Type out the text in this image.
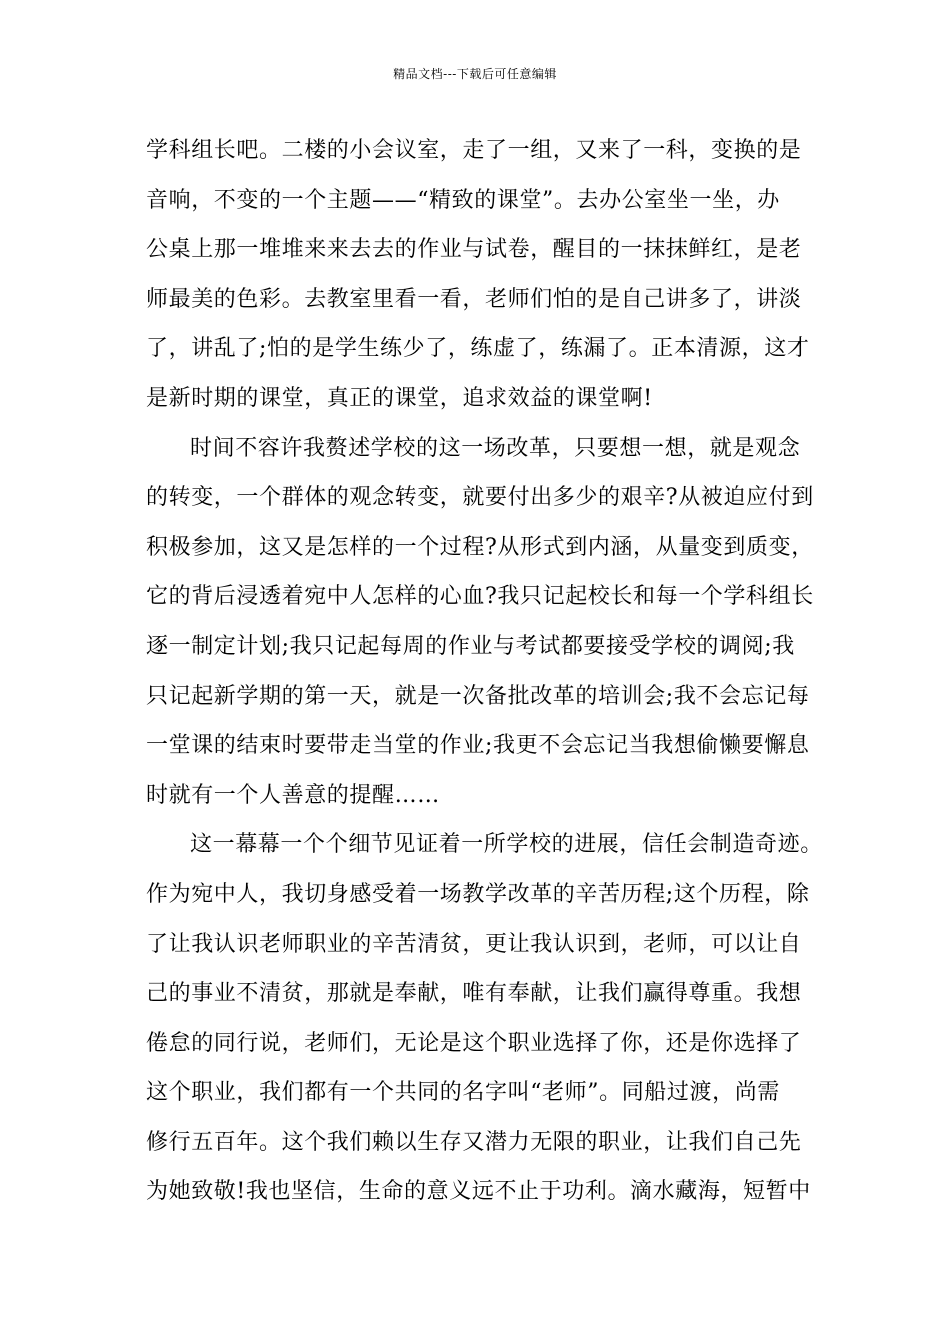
精品文档---下载后可任意编辑
学科组长吧。二楼的小会议室，走了一组，又来了一科，变换的是
音响，不变的一个主题——“精致的课堂”。去办公室坐一坐，办
公桌上那一堆堆来来去去的作业与试卷，醒目的一抹抹鲜红，是老
师最美的色彩。去教室里看一看，老师们怕的是自己讲多了，讲淡
了，讲乱了;怕的是学生练少了，练虚了，练漏了。正本清源，这才
是新时期的课堂，真正的课堂，追求效益的课堂啊!
时间不容许我赘述学校的这一场改革，只要想一想，就是观念
的转变，一个群体的观念转变，就要付出多少的艰辛?从被迫应付到
积极参加，这又是怎样的一个过程?从形式到内涵，从量变到质变，
它的背后浸透着宛中人怎样的心血?我只记起校长和每一个学科组长
逐一制定计划;我只记起每周的作业与考试都要接受学校的调阅;我
只记起新学期的第一天，就是一次备批改革的培训会;我不会忘记每
一堂课的结束时要带走当堂的作业;我更不会忘记当我想偷懒要懈息
时就有一个人善意的提醒……
这一幕幕一个个细节见证着一所学校的进展，信任会制造奇迹。
作为宛中人，我切身感受着一场教学改革的辛苦历程;这个历程，除
了让我认识老师职业的辛苦清贫，更让我认识到，老师，可以让自
己的事业不清贫，那就是奉献，唯有奉献，让我们赢得尊重。我想
倦怠的同行说，老师们，无论是这个职业选择了你，还是你选择了
这个职业，我们都有一个共同的名字叫“老师”。同船过渡，尚需
修行五百年。这个我们赖以生存又潜力无限的职业，让我们自己先
为她致敬!我也坚信，生命的意义远不止于功利。滴水藏海，短暂中
